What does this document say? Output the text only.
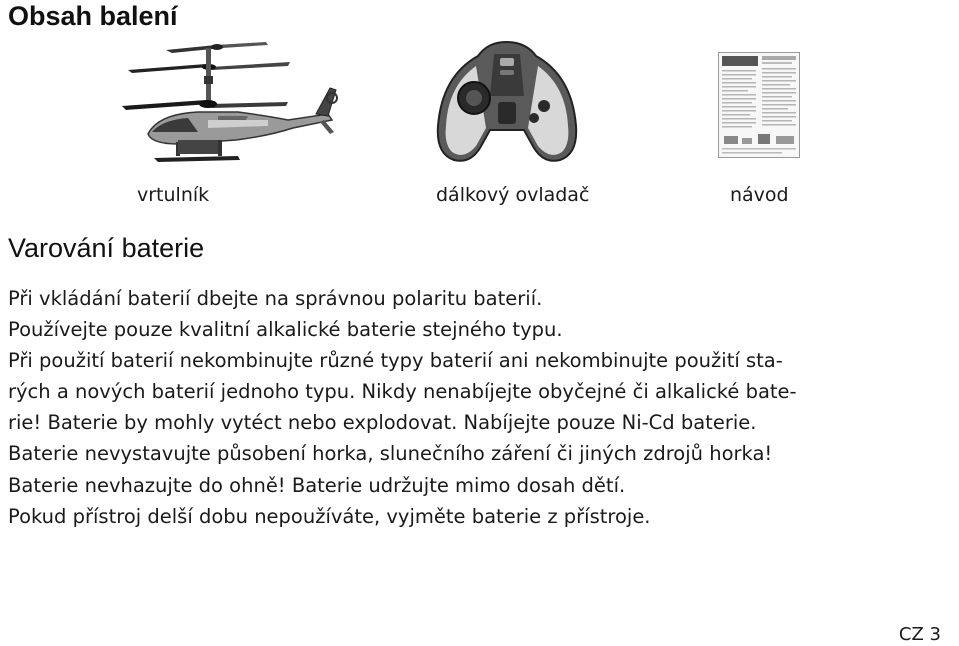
Obsah balení
vrtulník	dálkový ovladač	návod
Varování baterie
Při vkládání baterií dbejte na správnou polaritu baterií.
Používejte pouze kvalitní alkalické baterie stejného typu.
Při použití baterií nekombinujte různé typy baterií ani nekombinujte použití sta-
rých a nových baterií jednoho typu. Nikdy nenabíjejte obyčejné či alkalické bate-
rie! Baterie by mohly vytéct nebo explodovat. Nabíjejte pouze Ni-Cd baterie.
Baterie nevystavujte působení horka, slunečního záření či jiných zdrojů horka!
Baterie nevhazujte do ohně! Baterie udržujte mimo dosah dětí.
Pokud přístroj delší dobu nepoužíváte, vyjměte baterie z přístroje.
CZ 3
